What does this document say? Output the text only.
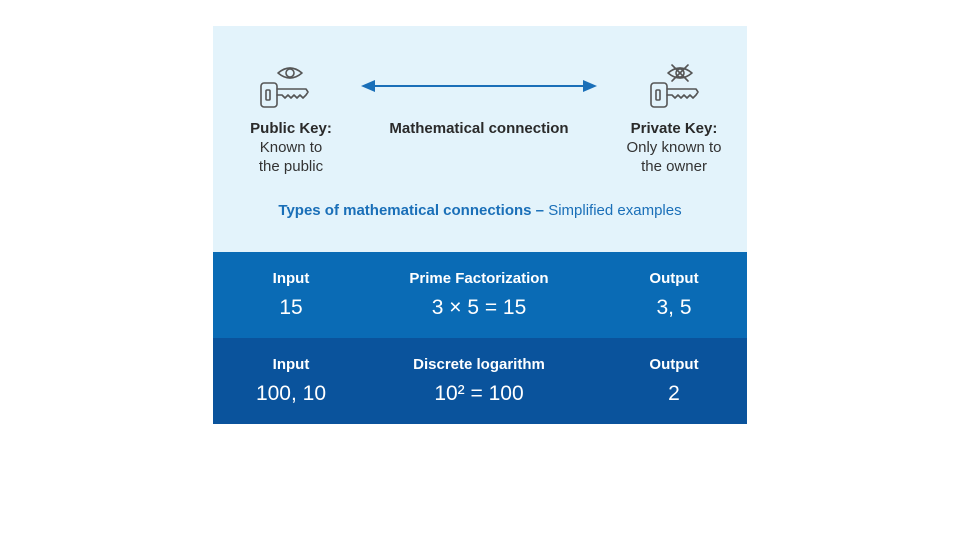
Public Key:
Known to
the public
Mathematical connection	Private Key:
Only known to
the owner
Types of mathematical connections – Simplified examples
Input
15
Prime Factorization
3 × 5 = 15
Output
3, 5
Input
100, 10
Discrete logarithm
10² = 100
Output
2
